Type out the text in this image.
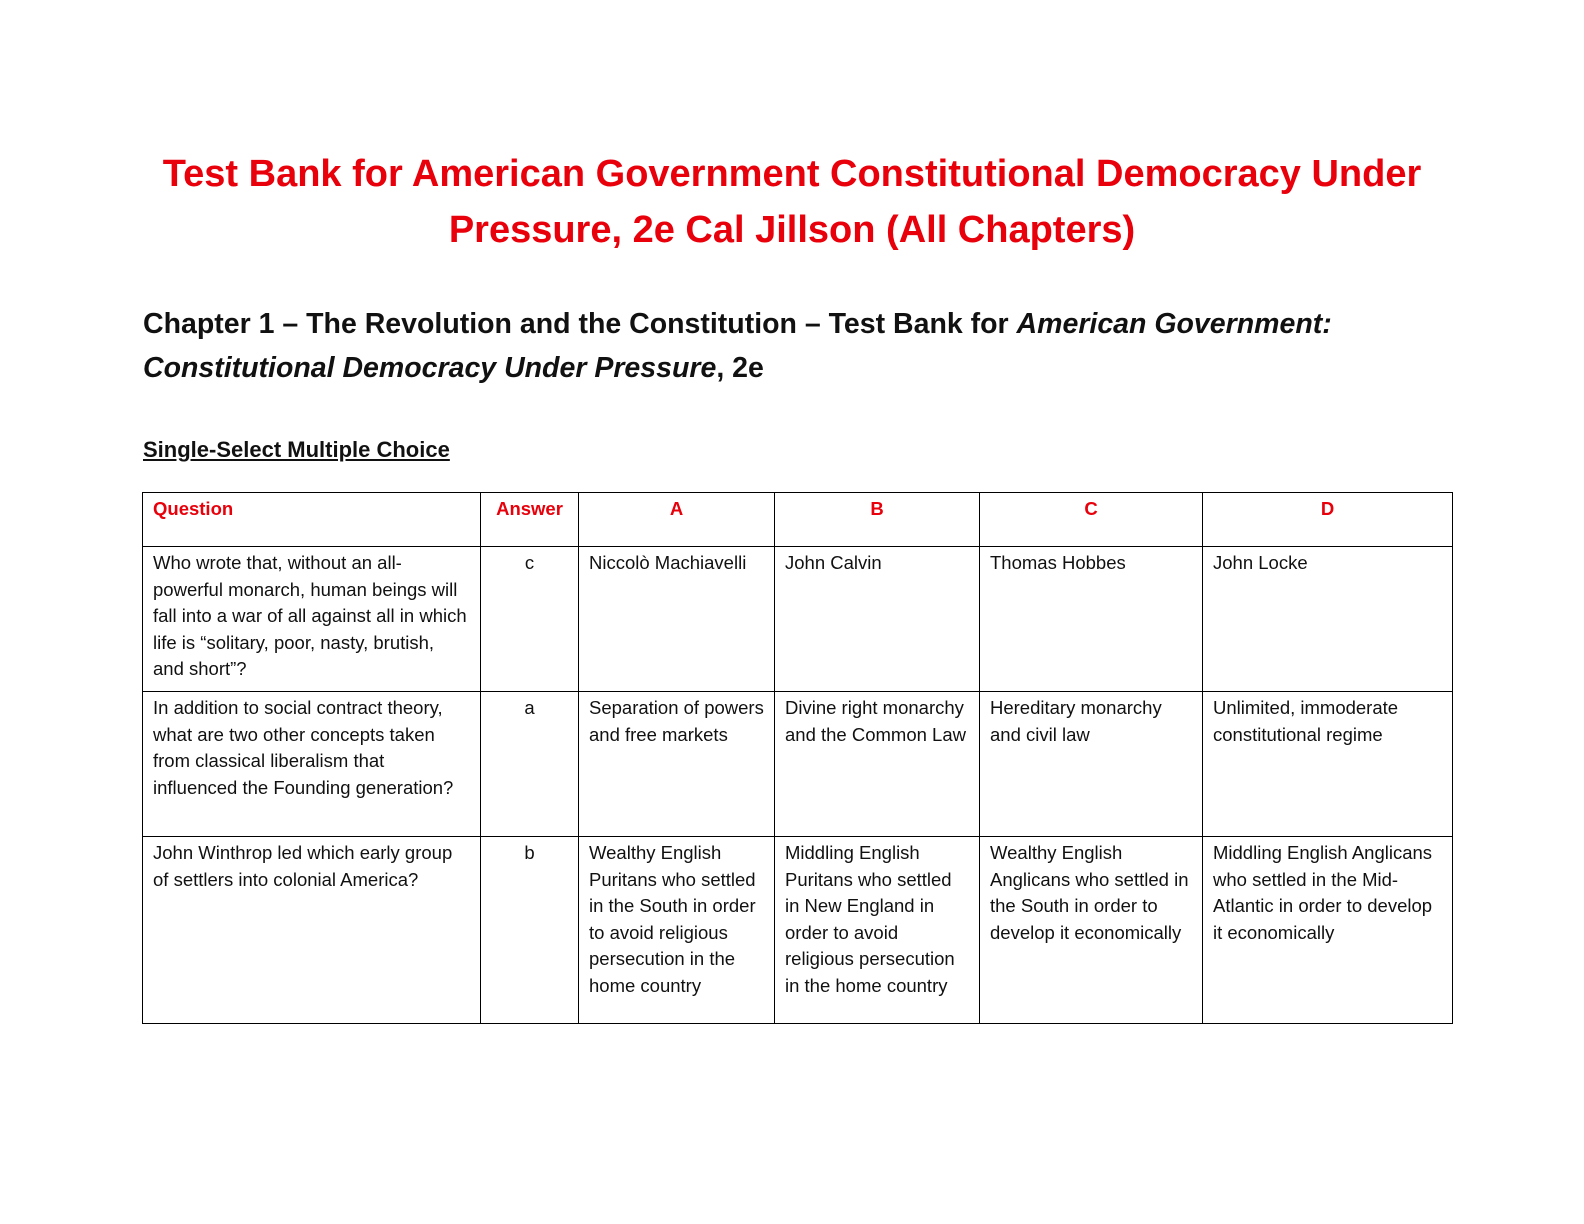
Test Bank for American Government Constitutional Democracy Under Pressure, 2e Cal Jillson (All Chapters)
Chapter 1 – The Revolution and the Constitution – Test Bank for American Government: Constitutional Democracy Under Pressure, 2e
Single-Select Multiple Choice
Question	Answer	A	B	C	D
Who wrote that, without an all-powerful monarch, human beings will fall into a war of all against all in which life is “solitary, poor, nasty, brutish, and short”?	c	Niccolò Machiavelli	John Calvin	Thomas Hobbes	John Locke
In addition to social contract theory, what are two other concepts taken from classical liberalism that influenced the Founding generation?	a	Separation of powers and free markets	Divine right monarchy and the Common Law	Hereditary monarchy and civil law	Unlimited, immoderate constitutional regime
John Winthrop led which early group of settlers into colonial America?	b	Wealthy English Puritans who settled in the South in order to avoid religious persecution in the home country	Middling English Puritans who settled in New England in order to avoid religious persecution in the home country	Wealthy English Anglicans who settled in the South in order to develop it economically	Middling English Anglicans who settled in the Mid-Atlantic in order to develop it economically
